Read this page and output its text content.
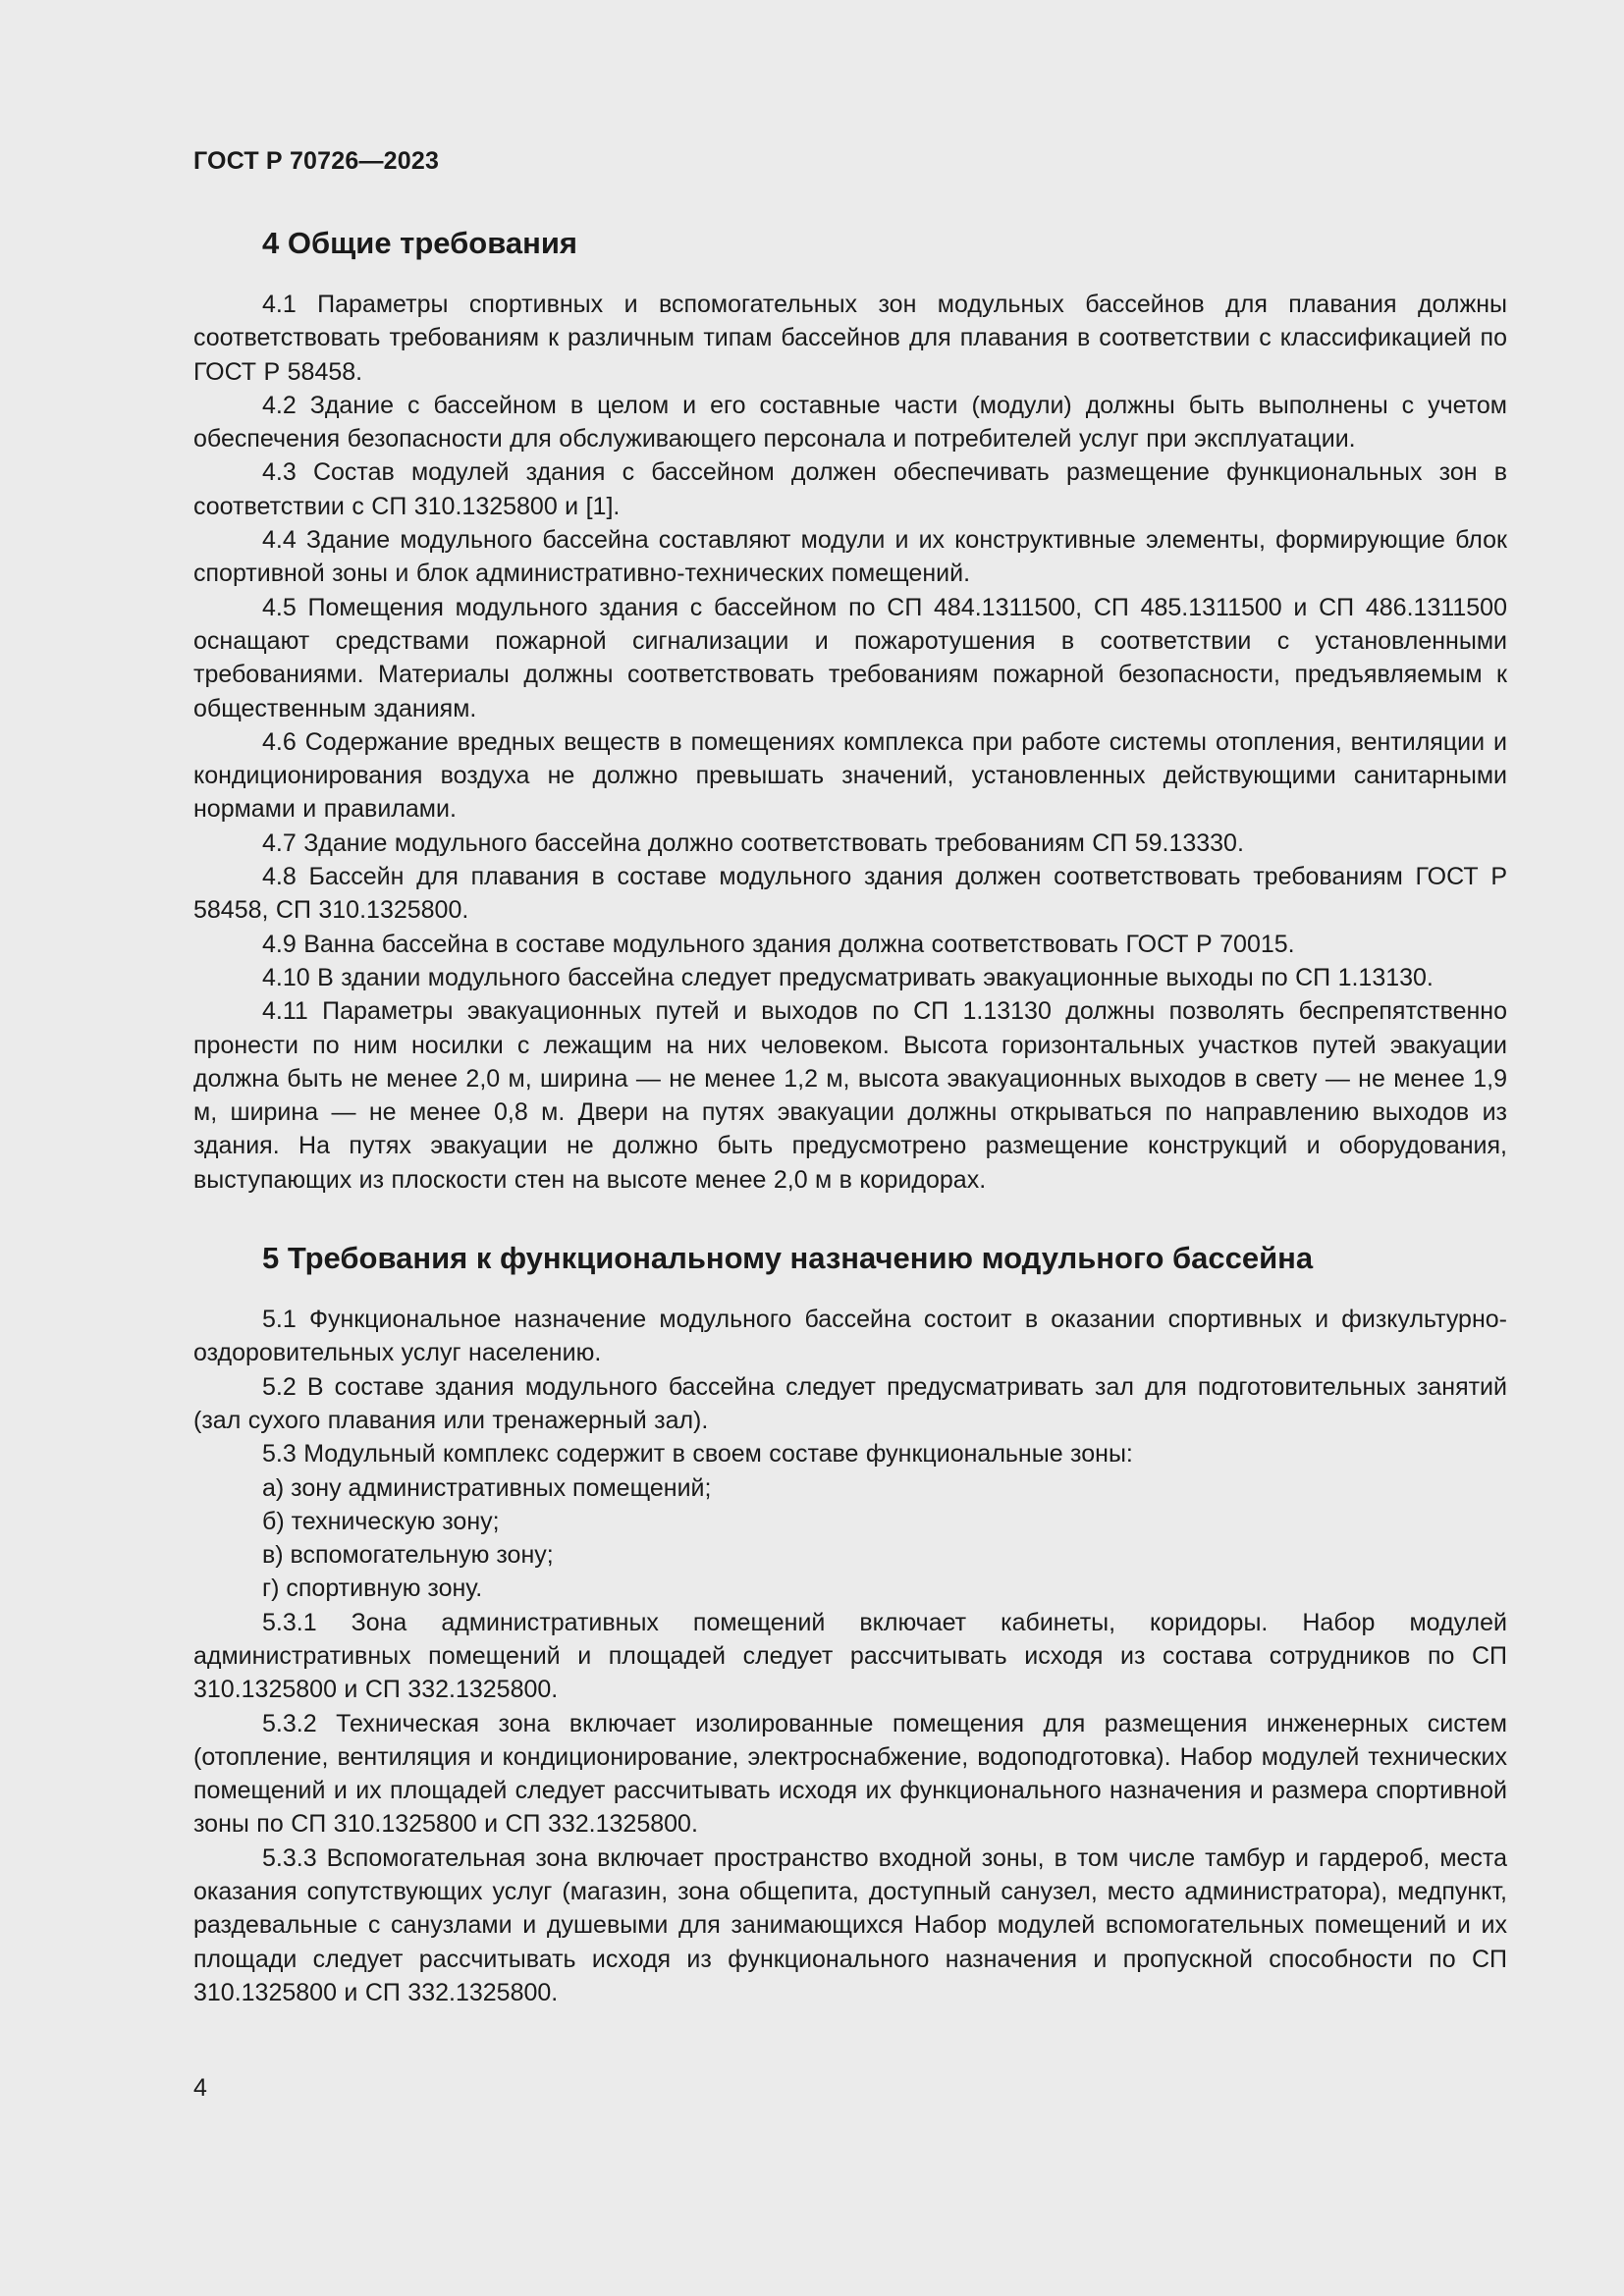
ГОСТ Р 70726—2023
4 Общие требования

4.1 Параметры спортивных и вспомогательных зон модульных бассейнов для плавания должны соответствовать требованиям к различным типам бассейнов для плавания в соответствии с классификацией по ГОСТ Р 58458.

4.2 Здание с бассейном в целом и его составные части (модули) должны быть выполнены с учетом обеспечения безопасности для обслуживающего персонала и потребителей услуг при эксплуатации.

4.3 Состав модулей здания с бассейном должен обеспечивать размещение функциональных зон в соответствии с СП 310.1325800 и [1].

4.4 Здание модульного бассейна составляют модули и их конструктивные элементы, формирующие блок спортивной зоны и блок административно-технических помещений.

4.5 Помещения модульного здания с бассейном по СП 484.1311500, СП 485.1311500 и СП 486.1311500 оснащают средствами пожарной сигнализации и пожаротушения в соответствии с установленными требованиями. Материалы должны соответствовать требованиям пожарной безопасности, предъявляемым к общественным зданиям.

4.6 Содержание вредных веществ в помещениях комплекса при работе системы отопления, вентиляции и кондиционирования воздуха не должно превышать значений, установленных действующими санитарными нормами и правилами.

4.7 Здание модульного бассейна должно соответствовать требованиям СП 59.13330.

4.8 Бассейн для плавания в составе модульного здания должен соответствовать требованиям ГОСТ Р 58458, СП 310.1325800.

4.9 Ванна бассейна в составе модульного здания должна соответствовать ГОСТ Р 70015.

4.10 В здании модульного бассейна следует предусматривать эвакуационные выходы по СП 1.13130.

4.11 Параметры эвакуационных путей и выходов по СП 1.13130 должны позволять беспрепятственно пронести по ним носилки с лежащим на них человеком. Высота горизонтальных участков путей эвакуации должна быть не менее 2,0 м, ширина — не менее 1,2 м, высота эвакуационных выходов в свету — не менее 1,9 м, ширина — не менее 0,8 м. Двери на путях эвакуации должны открываться по направлению выходов из здания. На путях эвакуации не должно быть предусмотрено размещение конструкций и оборудования, выступающих из плоскости стен на высоте менее 2,0 м в коридорах.

5 Требования к функциональному назначению модульного бассейна

5.1 Функциональное назначение модульного бассейна состоит в оказании спортивных и физкультурно-оздоровительных услуг населению.

5.2 В составе здания модульного бассейна следует предусматривать зал для подготовительных занятий (зал сухого плавания или тренажерный зал).

5.3 Модульный комплекс содержит в своем составе функциональные зоны:

а) зону административных помещений;

б) техническую зону;

в) вспомогательную зону;

г) спортивную зону.

5.3.1 Зона административных помещений включает кабинеты, коридоры. Набор модулей административных помещений и площадей следует рассчитывать исходя из состава сотрудников по СП 310.1325800 и СП 332.1325800.

5.3.2 Техническая зона включает изолированные помещения для размещения инженерных систем (отопление, вентиляция и кондиционирование, электроснабжение, водоподготовка). Набор модулей технических помещений и их площадей следует рассчитывать исходя их функционального назначения и размера спортивной зоны по СП 310.1325800 и СП 332.1325800.

5.3.3 Вспомогательная зона включает пространство входной зоны, в том числе тамбур и гардероб, места оказания сопутствующих услуг (магазин, зона общепита, доступный санузел, место администратора), медпункт, раздевальные с санузлами и душевыми для занимающихся Набор модулей вспомогательных помещений и их площади следует рассчитывать исходя из функционального назначения и пропускной способности по СП 310.1325800 и СП 332.1325800.

4
